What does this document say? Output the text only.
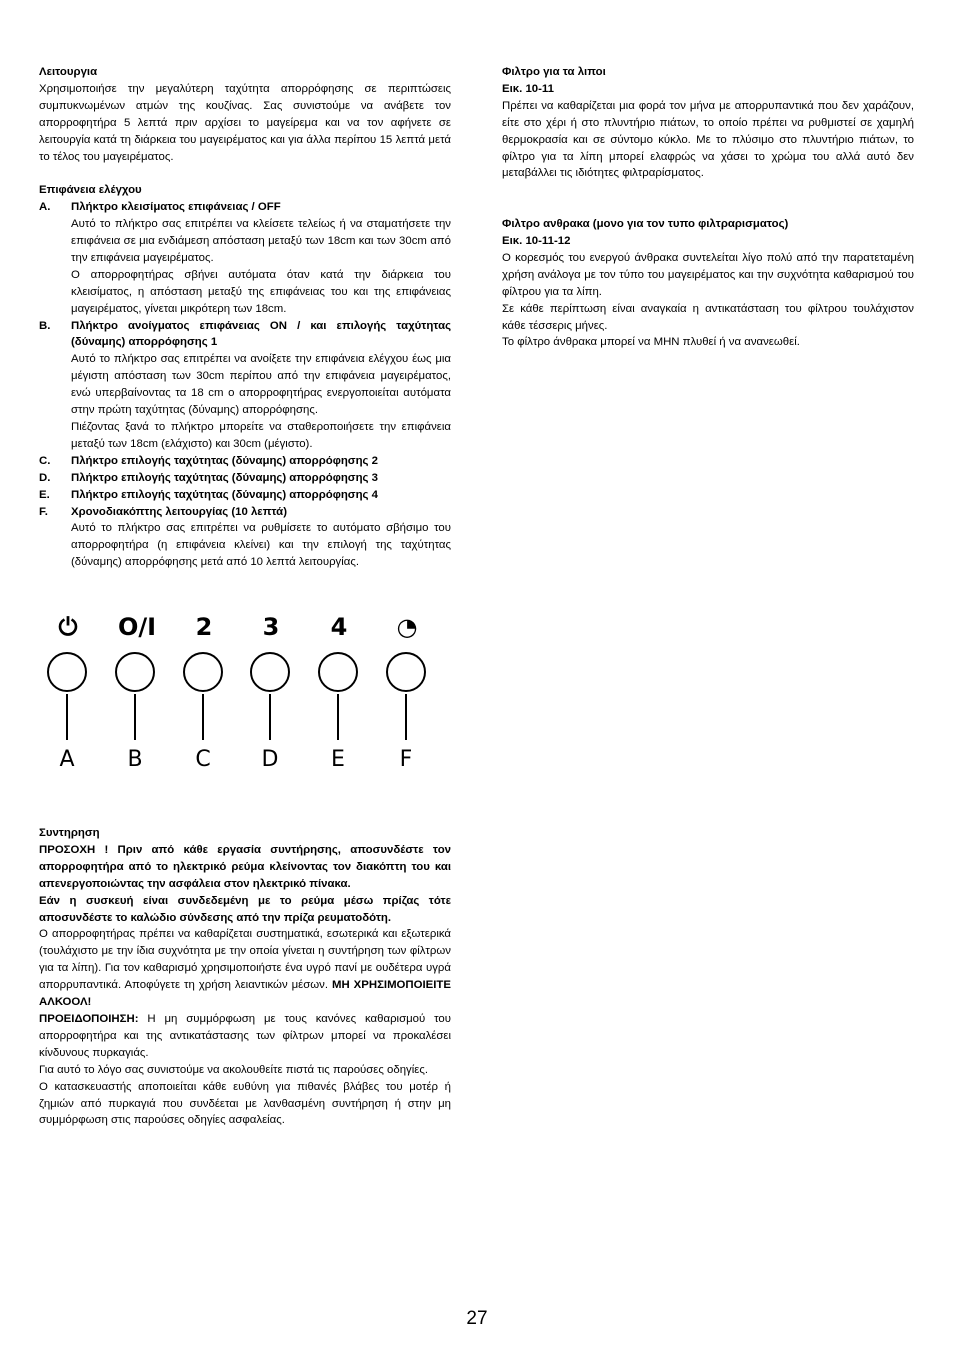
Λειτουργια

Χρησιμοποιήσε την μεγαλύτερη ταχύτητα απορρόφησης σε περιπτώσεις συμπυκνωμένων ατμών της κουζίνας. Σας συνιστούμε να ανάβετε τον απορροφητήρα 5 λεπτά πριν αρχίσει το μαγείρεμα και να τον αφήνετε σε λειτουργία κατά τη διάρκεια του μαγειρέματος και για άλλα περίπου 15 λεπτά μετά το τέλος του μαγειρέματος.

Επιφάνεια ελέγχου

A.	Πλήκτρο κλεισίματος επιφάνειας / OFF

Αυτό το πλήκτρο σας επιτρέπει να κλείσετε τελείως ή να σταματήσετε την επιφάνεια σε μια ενδιάμεση απόσταση μεταξύ των 18cm και των 30cm από την επιφάνεια μαγειρέματος.

Ο απορροφητήρας σβήνει αυτόματα όταν κατά την διάρκεια του κλεισίματος, η απόσταση μεταξύ της επιφάνειας του και της επιφάνειας μαγειρέματος, γίνεται μικρότερη των 18cm.

B.	Πλήκτρο ανοίγματος επιφάνειας ON / και επιλογής ταχύτητας (δύναμης) απορρόφησης 1

Αυτό το πλήκτρο σας επιτρέπει να ανοίξετε την επιφάνεια ελέγχου έως μια μέγιστη απόσταση των 30cm περίπου από την επιφάνεια μαγειρέματος, ενώ υπερβαίνοντας τα 18 cm ο απορροφητήρας ενεργοποιείται αυτόματα στην πρώτη ταχύτητας (δύναμης) απορρόφησης.

Πιέζοντας ξανά το πλήκτρο μπορείτε να σταθεροποιήσετε την επιφάνεια μεταξύ των 18cm (ελάχιστο) και 30cm (μέγιστο).

C.	Πλήκτρο επιλογής ταχύτητας (δύναμης) απορρόφησης 2
D.	Πλήκτρο επιλογής ταχύτητας (δύναμης) απορρόφησης 3
E.	Πλήκτρο επιλογής ταχύτητας (δύναμης) απορρόφησης 4
F.	Χρονοδιακόπτης λειτουργίας (10 λεπτά)

Αυτό το πλήκτρο σας επιτρέπει να ρυθμίσετε το αυτόματο σβήσιμο του απορροφητήρα (η επιφάνεια κλείνει) και την επιλογή της ταχύτητας (δύναμης) απορρόφησης μετά από 10 λεπτά λειτουργίας.

⏻	O/I	2	3	4	◔
A	B	C	D	E	F

Συντηρηση

ΠΡΟΣΟΧΗ ! Πριν από κάθε εργασία συντήρησης, αποσυνδέστε τον απορροφητήρα από το ηλεκτρικό ρεύμα κλείνοντας τον διακόπτη του και απενεργοποιώντας την ασφάλεια στον ηλεκτρικό πίνακα.

Εάν η συσκευή είναι συνδεδεμένη με το ρεύμα μέσω πρίζας τότε αποσυνδέστε το καλώδιο σύνδεσης από την πρίζα ρευματοδότη.

Ο απορροφητήρας πρέπει να καθαρίζεται συστηματικά, εσωτερικά και εξωτερικά (τουλάχιστο με την ίδια συχνότητα με την οποία γίνεται η συντήρηση των φίλτρων για τα λίπη). Για τον καθαρισμό χρησιμοποιήστε ένα υγρό πανί με ουδέτερα υγρά απορρυπαντικά. Αποφύγετε τη χρήση λειαντικών μέσων. ΜΗ ΧΡΗΣΙΜΟΠΟΙΕΙΤΕ ΑΛΚΟΟΛ!

ΠΡΟΕΙΔΟΠΟΙΗΣΗ: Η μη συμμόρφωση με τους κανόνες καθαρισμού του απορροφητήρα και της αντικατάστασης των φίλτρων μπορεί να προκαλέσει κίνδυνους πυρκαγιάς.

Για αυτό το λόγο σας συνιστούμε να ακολουθείτε πιστά τις παρούσες οδηγίες.

Ο κατασκευαστής αποποιείται κάθε ευθύνη για πιθανές βλάβες του μοτέρ ή ζημιών από πυρκαγιά που συνδέεται με λανθασμένη συντήρηση ή στην μη συμμόρφωση στις παρούσες οδηγίες ασφαλείας.

Φιλτρο για τα λιποι

Εικ. 10-11

Πρέπει να καθαρίζεται μια φορά τον μήνα με απορρυπαντικά που δεν χαράζουν, είτε στο χέρι ή στο πλυντήριο πιάτων, το οποίο πρέπει να ρυθμιστεί σε χαμηλή θερμοκρασία και σε σύντομο κύκλο. Με το πλύσιμο στο πλυντήριο πιάτων, το φίλτρο για τα λίπη μπορεί ελαφρώς να χάσει το χρώμα του αλλά αυτό δεν μεταβάλλει τις ιδιότητες φιλτραρίσματος.

Φιλτρο ανθρακα (μονο για τον τυπο φιλτραρισματος)

Εικ. 10-11-12

Ο κορεσμός του ενεργού άνθρακα συντελείται λίγο πολύ από την παρατεταμένη χρήση ανάλογα με τον τύπο του μαγειρέματος και την συχνότητα καθαρισμού του φίλτρου για τα λίπη.

Σε κάθε περίπτωση είναι αναγκαία η αντικατάσταση του φίλτρου τουλάχιστον κάθε τέσσερις μήνες.

Το φίλτρο άνθρακα μπορεί να ΜΗΝ πλυθεί ή να ανανεωθεί.

27
